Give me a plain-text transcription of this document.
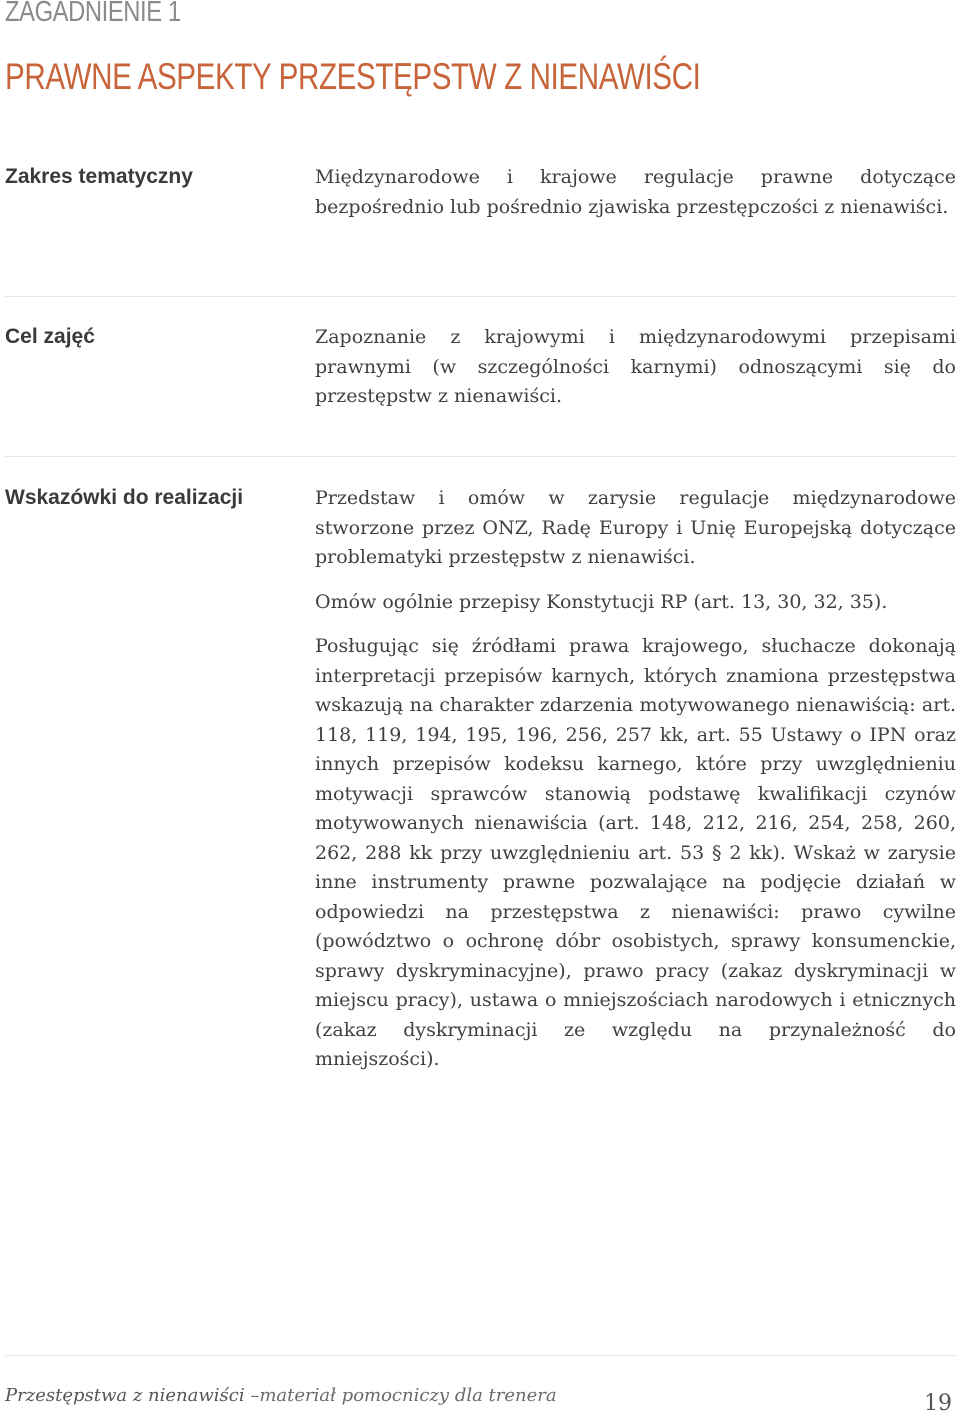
ZAGADNIENIE 1
PRAWNE ASPEKTY PRZESTĘPSTW Z NIENAWIŚCI
Zakres tematyczny	Międzynarodowe i krajowe regulacje prawne dotyczące bezpośrednio lub pośrednio zjawiska przestępczości z nienawiści.

Cel zajęć	Zapoznanie z krajowymi i międzynarodowymi przepisami prawnymi (w szczególności karnymi) odnoszącymi się do przestępstw z nienawiści.

Wskazówki do realizacji	Przedstaw i omów w zarysie regulacje międzynarodowe stworzone przez ONZ, Radę Europy i Unię Europejską dotyczące problematyki przestępstw z nienawiści.

Omów ogólnie przepisy Konstytucji RP (art. 13, 30, 32, 35).

Posługując się źródłami prawa krajowego, słuchacze dokonają interpretacji przepisów karnych, których znamiona przestępstwa wskazują na charakter zdarzenia motywowanego nienawiścią: art. 118, 119, 194, 195, 196, 256, 257 kk, art. 55 Ustawy o IPN oraz innych przepisów kodeksu karnego, które przy uwzględnieniu motywacji sprawców stanowią podstawę kwalifikacji czynów motywowanych nienawiścia (art. 148, 212, 216, 254, 258, 260, 262, 288 kk przy uwzględnieniu art. 53 § 2 kk). Wskaż w zarysie inne instrumenty prawne pozwalające na podjęcie działań w odpowiedzi na przestępstwa z nienawiści: prawo cywilne (powództwo o ochronę dóbr osobistych, sprawy konsumenckie, sprawy dyskryminacyjne), prawo pracy (zakaz dyskryminacji w miejscu pracy), ustawa o mniejszościach narodowych i etnicznych (zakaz dyskryminacji ze względu na przynależność do mniejszości).

Przestępstwa z nienawiści –materiał pomocniczy dla trenera	19
